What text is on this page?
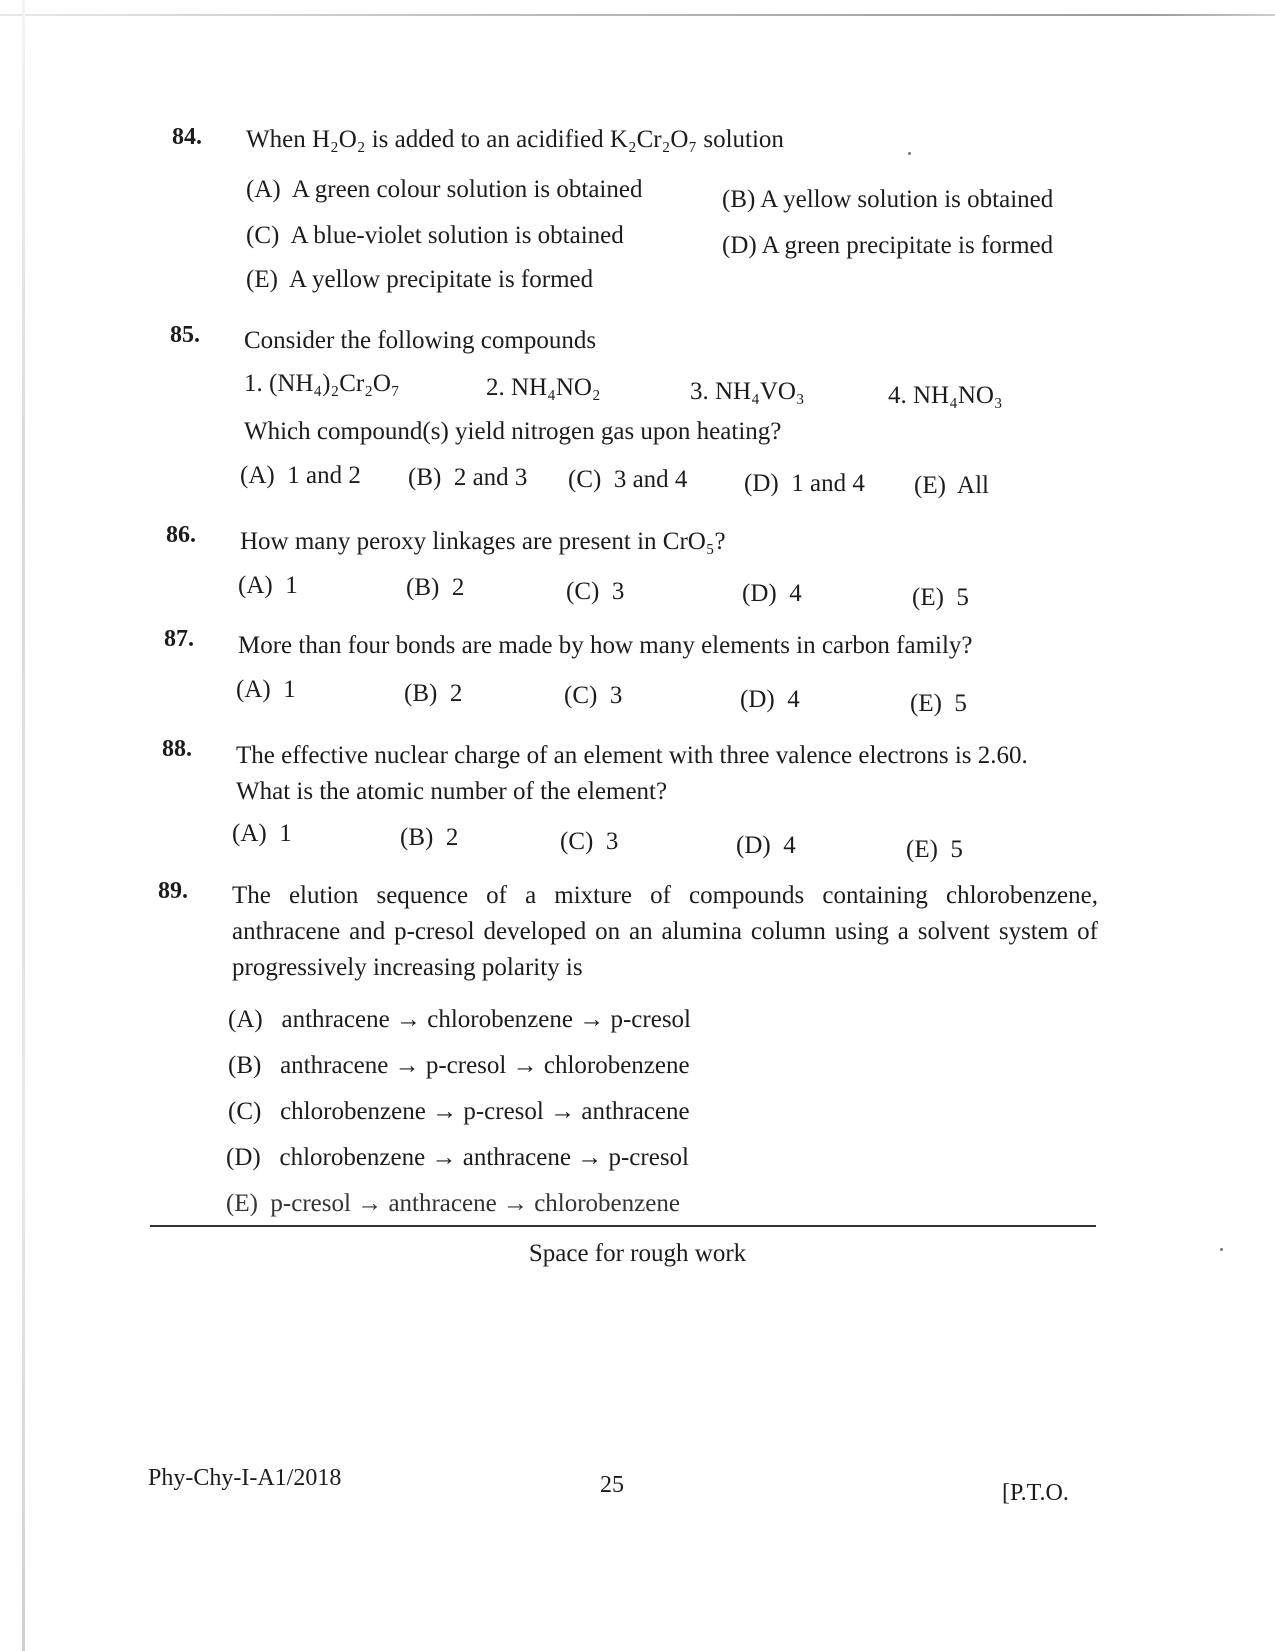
84. When H₂O₂ is added to an acidified K₂Cr₂O₇ solution
(A) A green colour solution is obtained	(B) A yellow solution is obtained
(C) A blue-violet solution is obtained	(D) A green precipitate is formed
(E) A yellow precipitate is formed
85. Consider the following compounds
1. (NH₄)₂Cr₂O₇	2. NH₄NO₂	3. NH₄VO₃	4. NH₄NO₃
Which compound(s) yield nitrogen gas upon heating?
(A) 1 and 2 (B) 2 and 3 (C) 3 and 4 (D) 1 and 4 (E) All
86. How many peroxy linkages are present in CrO₅?
(A) 1	(B) 2	(C) 3	(D) 4	(E) 5
87. More than four bonds are made by how many elements in carbon family?
(A) 1	(B) 2	(C) 3	(D) 4	(E) 5
88. The effective nuclear charge of an element with three valence electrons is 2.60.
What is the atomic number of the element?
(A) 1	(B) 2	(C) 3	(D) 4	(E) 5
89. The elution sequence of a mixture of compounds containing chlorobenzene, anthracene and p-cresol developed on an alumina column using a solvent system of progressively increasing polarity is
(A) anthracene → chlorobenzene → p-cresol
(B) anthracene → p-cresol → chlorobenzene
(C) chlorobenzene → p-cresol → anthracene
(D) chlorobenzene → anthracene → p-cresol
(E) p-cresol → anthracene → chlorobenzene
Space for rough work
Phy-Chy-I-A1/2018	25	[P.T.O.
